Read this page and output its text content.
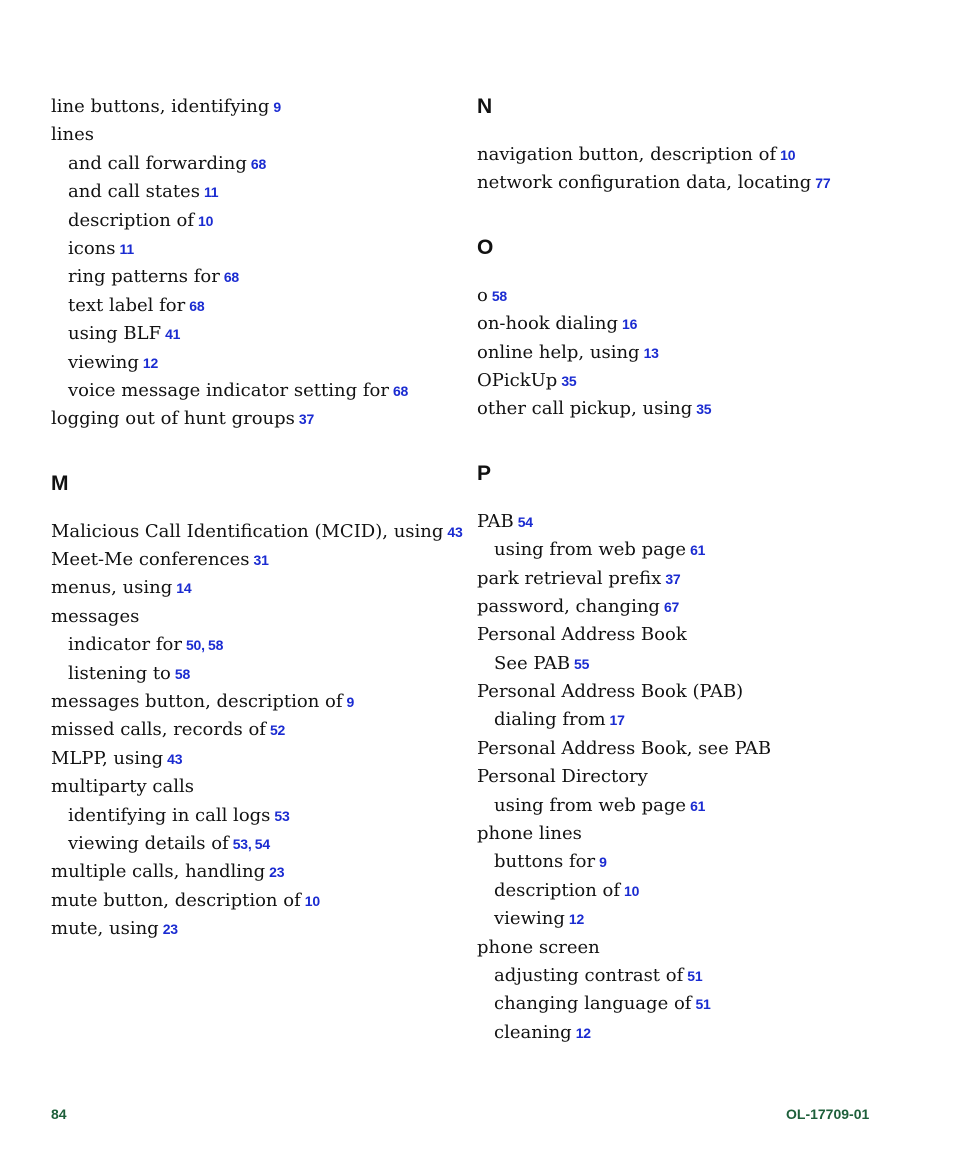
line buttons, identifying 9
lines
and call forwarding 68
and call states 11
description of 10
icons 11
ring patterns for 68
text label for 68
using BLF 41
viewing 12
voice message indicator setting for 68
logging out of hunt groups 37
M
Malicious Call Identification (MCID), using 43
Meet-Me conferences 31
menus, using 14
messages
indicator for 50, 58
listening to 58
messages button, description of 9
missed calls, records of 52
MLPP, using 43
multiparty calls
identifying in call logs 53
viewing details of 53, 54
multiple calls, handling 23
mute button, description of 10
mute, using 23
N
navigation button, description of 10
network configuration data, locating 77
O
o 58
on-hook dialing 16
online help, using 13
OPickUp 35
other call pickup, using 35
P
PAB 54
using from web page 61
park retrieval prefix 37
password, changing 67
Personal Address Book
See PAB 55
Personal Address Book (PAB)
dialing from 17
Personal Address Book, see PAB
Personal Directory
using from web page 61
phone lines
buttons for 9
description of 10
viewing 12
phone screen
adjusting contrast of 51
changing language of 51
cleaning 12
84	OL-17709-01
